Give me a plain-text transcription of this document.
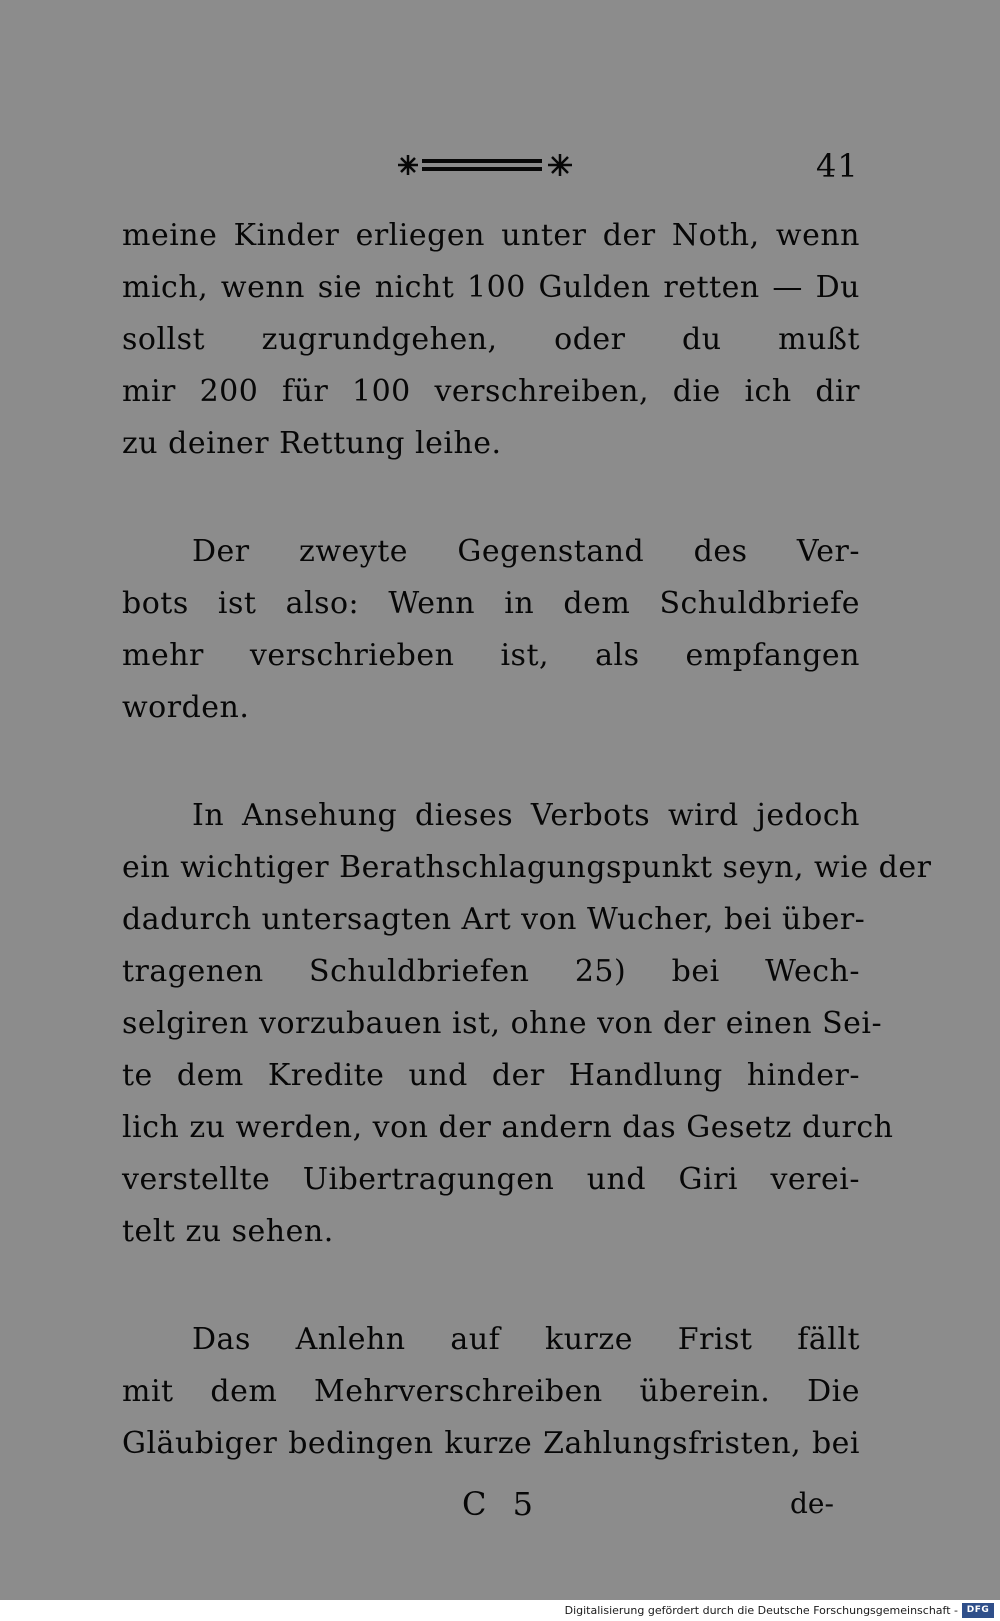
41
meine Kinder erliegen unter der Noth, wenn
mich, wenn sie nicht 100 Gulden retten — Du
sollst zugrundgehen, oder du mußt
mir 200 für 100 verschreiben, die ich dir
zu deiner Rettung leihe.
Der zweyte Gegenstand des Ver-
bots ist also: Wenn in dem Schuldbriefe
mehr verschrieben ist, als empfangen
worden.
In Ansehung dieses Verbots wird jedoch
ein wichtiger Berathschlagungspunkt seyn, wie der
dadurch untersagten Art von Wucher, bei über-
tragenen Schuldbriefen 25) bei Wech-
selgiren vorzubauen ist, ohne von der einen Sei-
te dem Kredite und der Handlung hinder-
lich zu werden, von der andern das Gesetz durch
verstellte Uibertragungen und Giri verei-
telt zu sehen.
Das Anlehn auf kurze Frist fällt
mit dem Mehrverschreiben überein. Die
Gläubiger bedingen kurze Zahlungsfristen, bei
C 5	de-
Digitalisierung gefördert durch die Deutsche Forschungsgemeinschaft - DFG
